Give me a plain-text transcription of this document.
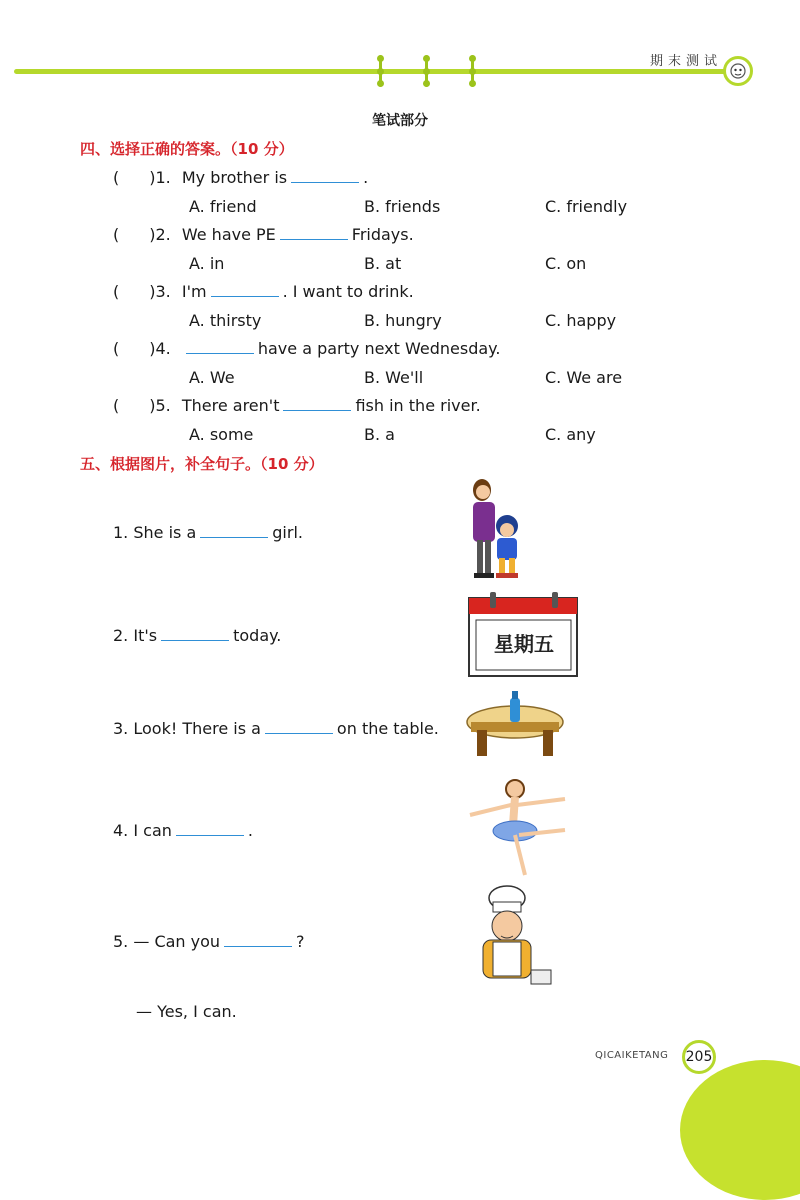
期末测试
笔试部分
四、选择正确的答案。（10 分）
( )1. My brother is	.
A. friend	B. friends	C. friendly
( )2. We have PE	Fridays.
A. in	B. at	C. on
( )3. I'm	. I want to drink.
A. thirsty	B. hungry	C. happy
( )4.	have a party next Wednesday.
A. We	B. We'll	C. We are
( )5. There aren't	fish in the river.
A. some	B. a	C. any
五、根据图片，补全句子。（10 分）
1. She is a	girl.
2. It's	today.
3. Look! There is a	on the table.
4. I can	.
5. — Can you	?
— Yes, I can.
星期五
QICAIKETANG 205
